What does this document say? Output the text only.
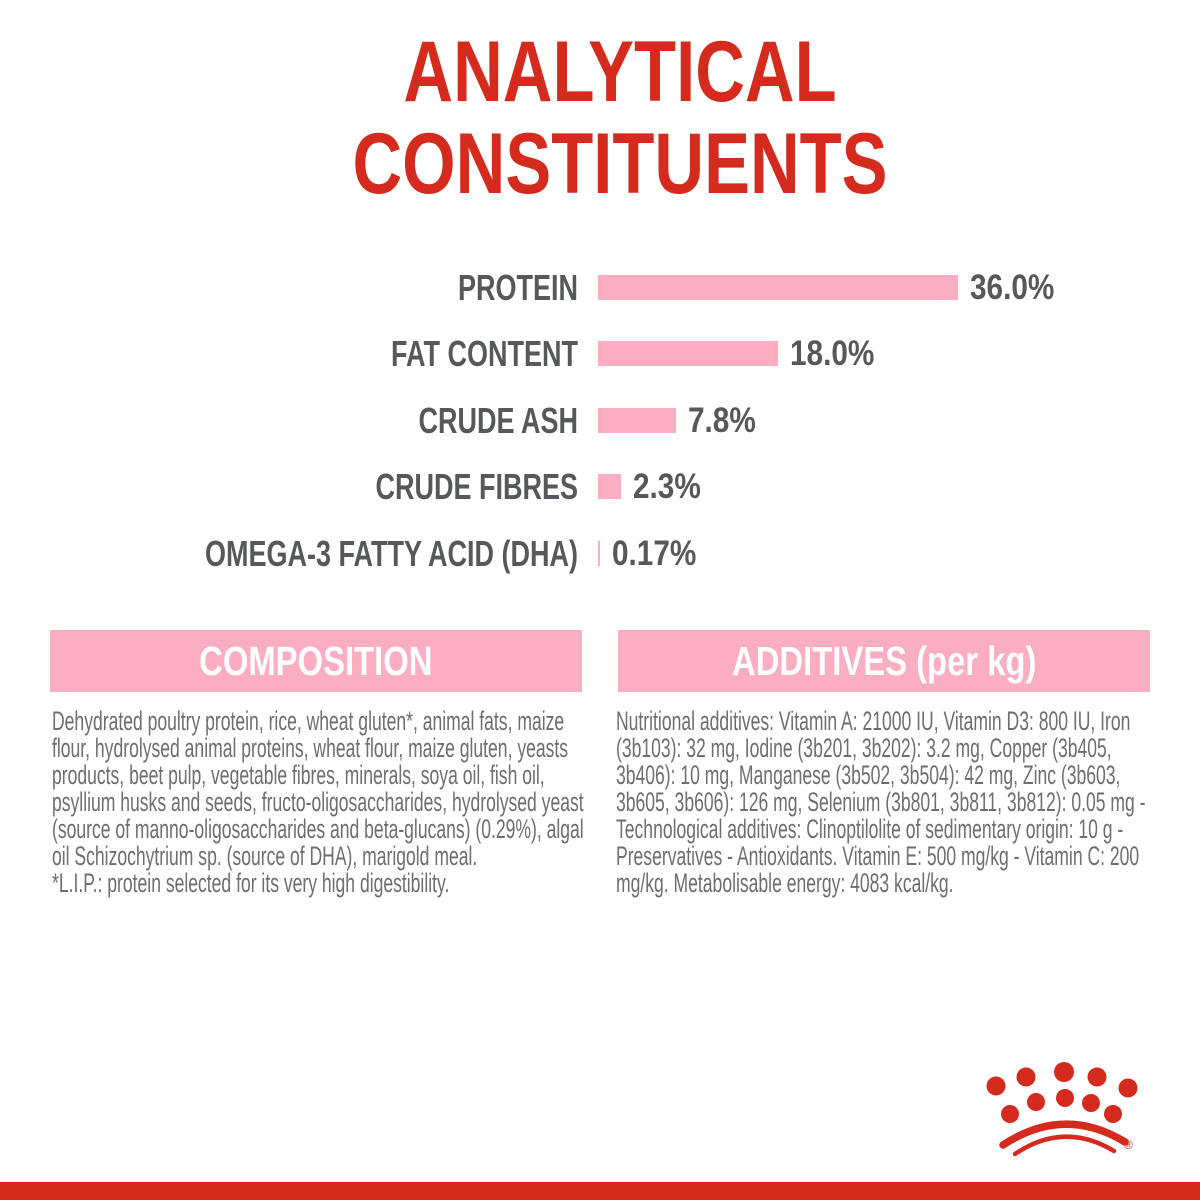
ANALYTICAL
CONSTITUENTS
PROTEIN	36.0%
FAT CONTENT	18.0%
CRUDE ASH	7.8%
CRUDE FIBRES 2.3%
OMEGA-3 FATTY ACID (DHA) 0.17%
COMPOSITION	ADDITIVES (per kg)

Dehydrated poultry protein, rice, wheat gluten*, animal fats, maize flour, hydrolysed animal proteins, wheat flour, maize gluten, yeasts products, beet pulp, vegetable fibres, minerals, soya oil, fish oil, psyllium husks and seeds, fructo-oligosaccharides, hydrolysed yeast (source of manno-oligosaccharides and beta-glucans) (0.29%), algal oil Schizochytrium sp. (source of DHA), marigold meal.

*L.I.P.: protein selected for its very high digestibility.

Nutritional additives: Vitamin A: 21000 IU, Vitamin D3: 800 IU, Iron (3b103): 32 mg, Iodine (3b201, 3b202): 3.2 mg, Copper (3b405, 3b406): 10 mg, Manganese (3b502, 3b504): 42 mg, Zinc (3b603, 3b605, 3b606): 126 mg, Selenium (3b801, 3b811, 3b812): 0.05 mg - Technological additives: Clinoptilolite of sedimentary origin: 10 g - Preservatives - Antioxidants. Vitamin E: 500 mg/kg - Vitamin C: 200 mg/kg. Metabolisable energy: 4083 kcal/kg.

®
